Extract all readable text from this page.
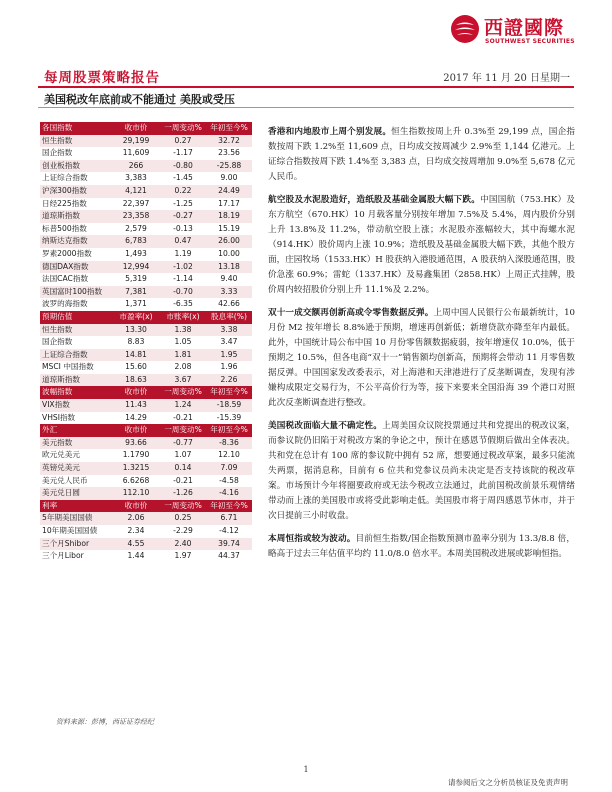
西證國際
SOUTHWEST SECURITIES
每周股票策略报告	2017 年 11 月 20 日星期一
美国税改年底前或不能通过 美股或受压
各国指数	收市价	一周变动%	年初至今%
恒生指数	29,199	0.27	32.72
国企指数	11,609	-1.17	23.56
创业板指数	266	-0.80	-25.88
上证综合指数	3,383	-1.45	9.00
沪深300指数	4,121	0.22	24.49
日经225指数	22,397	-1.25	17.17
道琼斯指数	23,358	-0.27	18.19
标普500指数	2,579	-0.13	15.19
纳斯达克指数	6,783	0.47	26.00
罗素2000指数	1,493	1.19	10.00
德国DAX指数	12,994	-1.02	13.18
法国CAC指数	5,319	-1.14	9.40
英国富时100指数	7,381	-0.70	3.33
波罗的海指数	1,371	-6.35	42.66
预期估值	市盈率(x)	市账率(x)	股息率(%)
恒生指数	13.30	1.38	3.38
国企指数	8.83	1.05	3.47
上证综合指数	14.81	1.81	1.95
MSCI 中国指数	15.60	2.08	1.96
道琼斯指数	18.63	3.67	2.26
波幅指数	收市价	一周变动%	年初至今%
VIX指数	11.43	1.24	-18.59
VHSI指数	14.29	-0.21	-15.39
外汇	收市价	一周变动%	年初至今%
美元指数	93.66	-0.77	-8.36
欧元兑美元	1.1790	1.07	12.10
英镑兑美元	1.3215	0.14	7.09
美元兑人民币	6.6268	-0.21	-4.58
美元兑日圆	112.10	-1.26	-4.16
利率	收市价	一周变动%	年初至今%
5年期美国国债	2.06	0.25	6.71
10年期美国国债	2.34	-2.29	-4.12
三个月Shibor	4.55	2.40	39.74
三个月Libor	1.44	1.97	44.37
资料来源：彭博，西证证券经纪

香港和内地股市上周个别发展。恒生指数按周上升 0.3%至 29,199 点，国企指数按周下跌 1.2%至 11,609 点，日均成交按周减少 2.9%至 1,144 亿港元。上证综合指数按周下跌 1.4%至 3,383 点，日均成交按周增加 9.0%至 5,678 亿元人民币。

航空股及水泥股造好，造纸股及基础金属股大幅下跌。中国国航（753.HK）及东方航空（670.HK）10 月载客量分别按年增加 7.5%及 5.4%，周内股价分别上升 13.8%及 11.2%，带动航空股上涨；水泥股亦涨幅较大，其中海螺水泥（914.HK）股价周内上涨 10.9%；造纸股及基础金属股大幅下跌，其他个股方面，庄园牧场（1533.HK）H 股获纳入港股通范围，A 股获纳入深股通范围，股价急涨 60.9%；雷蛇（1337.HK）及易鑫集团（2858.HK）上周正式挂牌，股价周内较招股价分别上升 11.1%及 2.2%。

双十一成交额再创新高或令零售数据反弹。上周中国人民银行公布最新统计，10 月份 M2 按年增长 8.8%逊于预期，增速再创新低；新增贷款亦降至年内最低。此外，中国统计局公布中国 10 月份零售额数据疲弱，按年增速仅 10.0%，低于预期之 10.5%，但各电商“双十一”销售额均创新高，预期将会带动 11 月零售数据反弹。中国国家发改委表示，对上海港和天津港进行了反垄断调查，发现有涉嫌构成限定交易行为，不公平高价行为等，接下来要来全国沿海 39 个港口对照此次反垄断调查进行整改。

美国税改面临大量不确定性。上周美国众议院投票通过共和党提出的税改议案，而参议院仍旧陷于对税改方案的争论之中，预计在感恩节假期后做出全体表决。共和党在总计有 100 席的参议院中拥有 52 席，想要通过税改草案，最多只能流失两票，据消息称，目前有 6 位共和党参议员尚未决定是否支持该院的税改草案。市场预计今年将圈要政府或无法今税改立法通过，此前国税改前景乐观情绪带动而上涨的美国股市或将受此影响走低。美国股市将于周四感恩节休市，并于次日提前三小时收盘。

本周恒指或较为波动。目前恒生指数/国企指数预测市盈率分别为 13.3/8.8 倍，略高于过去三年估值平均约 11.0/8.0 倍水平。本周美国税改进展或影响恒指。

1
请参阅后文之分析员核证及免责声明
